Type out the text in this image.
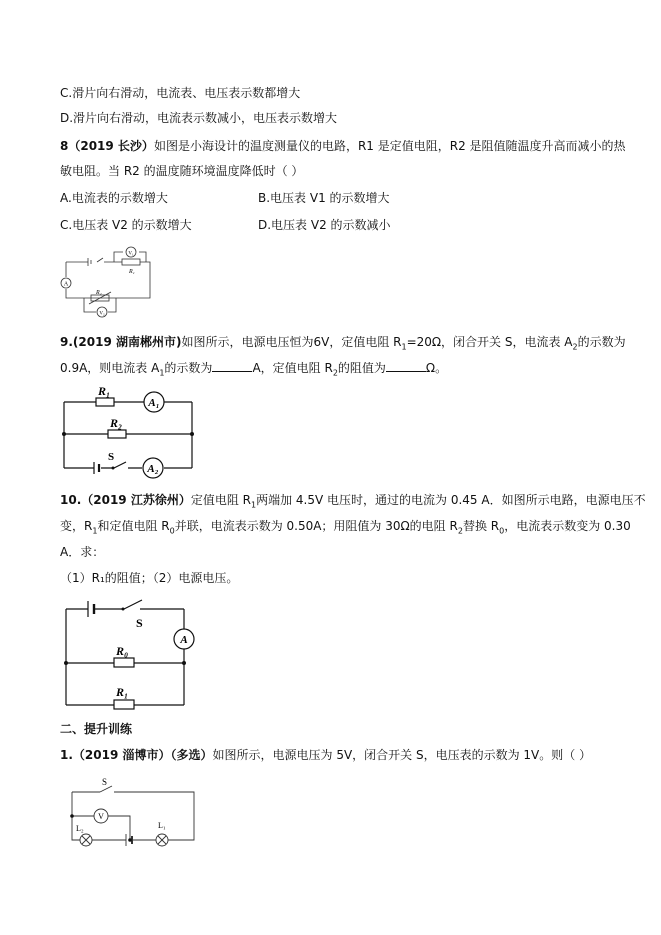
C.滑片向右滑动，电流表、电压表示数都增大
D.滑片向右滑动，电流表示数减小，电压表示数增大
8（2019 长沙）如图是小海设计的温度测量仪的电路，R1 是定值电阻，R2 是阻值随温度升高而减小的热
敏电阻。当 R2 的温度随环境温度降低时（ ）
A.电流表的示数增大	B.电压表 V1 的示数增大
C.电压表 V2 的示数增大	D.电压表 V2 的示数减小
A
V₁
R₁
R₂
V₂
9.(2019 湖南郴州市)如图所示，电源电压恒为6V，定值电阻 $R_1=20\Omega$，闭合开关 S，电流表 $A_2$的示数为
0.9A，则电流表 $A_1$的示数为	A，定值电阻 $R_2$的阻值为	Ω。
R₁
A₁
R₂
S
A₂
10.（2019 江苏徐州）定值电阻 $R_1$两端加 4.5V 电压时，通过的电流为 0.45 A．如图所示电路，电源电压不
变，$R_1$和定值电阻 $R_0$并联，电流表示数为 0.50A；用阻值为 30Ω的电阻 $R_2$替换 $R_0$，电流表示数变为 0.30
A．求：
（1）R₁的阻值；（2）电源电压。
S
A
R₀
R₁
二、提升训练
1.（2019 淄博市）（多选）如图所示，电源电压为 5V，闭合开关 S，电压表的示数为 1V。则（ ）
S
V
L₂	L₁
